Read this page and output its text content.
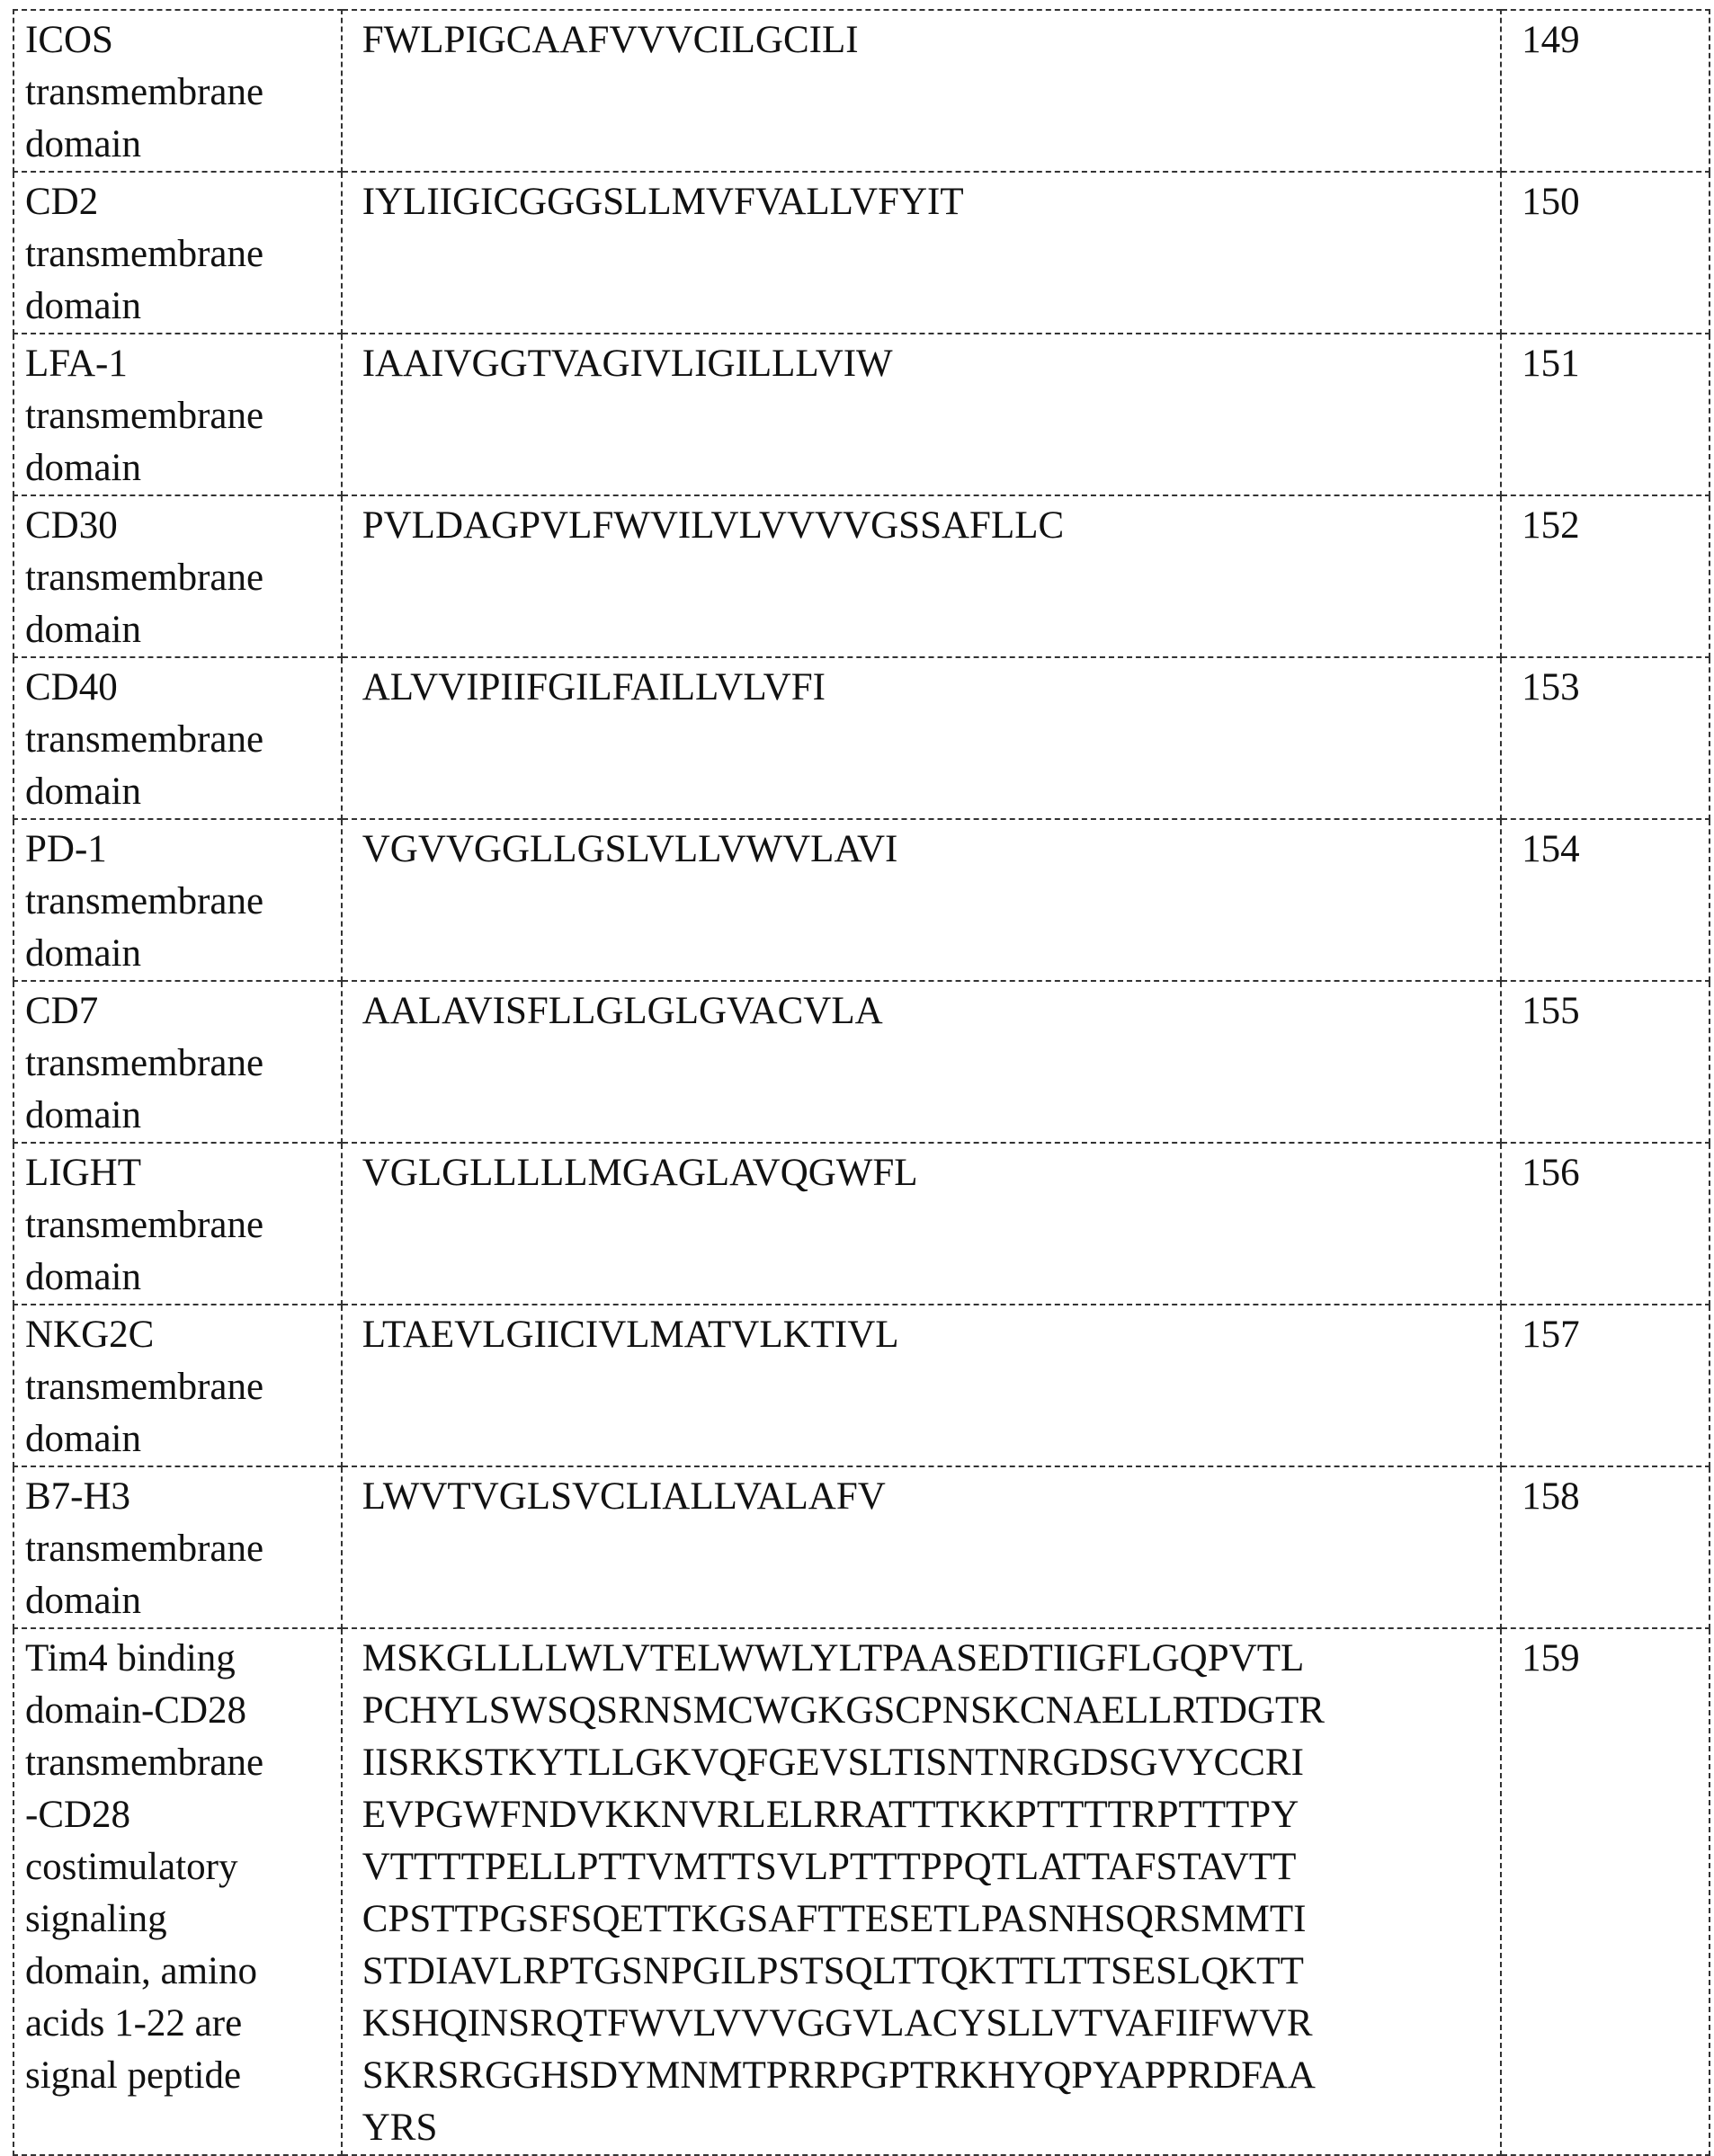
ICOS
transmembrane
domain

FWLPIGCAAFVVVCILGCILI	149

CD2
transmembrane
domain

IYLIIGICGGGSLLMVFVALLVFYIT	150

LFA-1
transmembrane
domain

IAAIVGGTVAGIVLIGILLLVIW	151

CD30
transmembrane
domain

PVLDAGPVLFWVILVLVVVVGSSAFLLC	152

CD40
transmembrane
domain

ALVVIPIIFGILFAILLVLVFI	153

PD-1
transmembrane
domain

VGVVGGLLGSLVLLVWVLAVI	154

CD7
transmembrane
domain

AALAVISFLLGLGLGVACVLA	155

LIGHT
transmembrane
domain

VGLGLLLLLMGAGLAVQGWFL	156

NKG2C
transmembrane
domain

LTAEVLGIICIVLMATVLKTIVL	157

B7-H3
transmembrane
domain

LWVTVGLSVCLIALLVALAFV	158

Tim4 binding
domain-CD28
transmembrane
-CD28
costimulatory
signaling
domain, amino
acids 1-22 are
signal peptide

MSKGLLLLWLVTELWWLYLTPAASEDTIIGFLGQPVTL
PCHYLSWSQSRNSMCWGKGSCPNSKCNAELLRTDGTR
IISRKSTKYTLLGKVQFGEVSLTISNTNRGDSGVYCCRI
EVPGWFNDVKKNVRLELRRATTTKKPTTTTRPTTTPY
VTTTTPELLPTTVMTTSVLPTTTPPQTLATTAFSTAVTT
CPSTTPGSFSQETTKGSAFTTESETLPASNHSQRSMMTI
STDIAVLRPTGSNPGILPSTSQLTTQKTTLTTSESLQKTT
KSHQINSRQTFWVLVVVGGVLACYSLLVTVAFIIFWVR
SKRSRGGHSDYMNMTPRRPGPTRKHYQPYAPPRDFAA
YRS
	159
